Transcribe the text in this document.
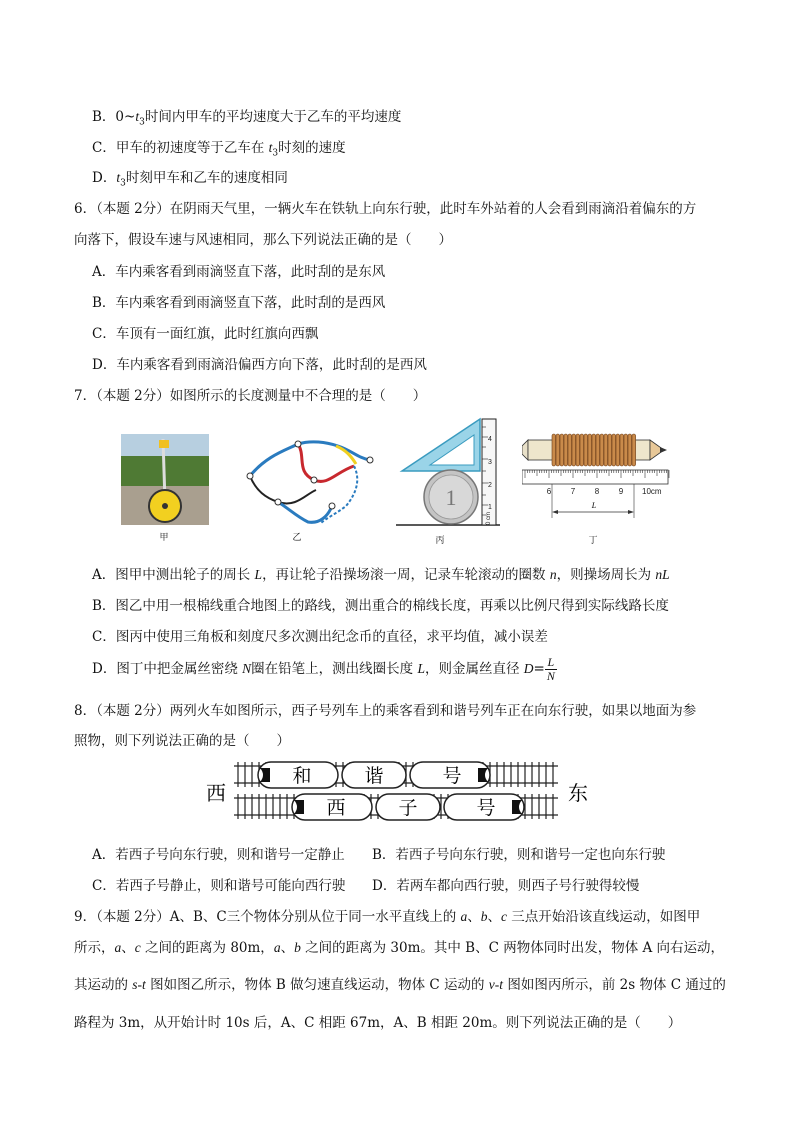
B．$0\sim t_3$时间内甲车的平均速度大于乙车的平均速度
C．甲车的初速度等于乙车在 $t_3$时刻的速度
D．$t_3$时刻甲车和乙车的速度相同
6．（本题 2分）在阴雨天气里，一辆火车在铁轨上向东行驶，此时车外站着的人会看到雨滴沿着偏东的方
向落下，假设车速与风速相同，那么下列说法正确的是（　　）
A．车内乘客看到雨滴竖直下落，此时刮的是东风
B．车内乘客看到雨滴竖直下落，此时刮的是西风
C．车顶有一面红旗，此时红旗向西飘
D．车内乘客看到雨滴沿偏西方向下落，此时刮的是西风
7．（本题 2分）如图所示的长度测量中不合理的是（　　）
甲	乙
1
4
3
2
1
0 cm
丙
6 7 8 9 10cm
L
丁
A．图甲中测出轮子的周长 L，再让轮子沿操场滚一周，记录车轮滚动的圈数 n，则操场周长为 nL
B．图乙中用一根棉线重合地图上的路线，测出重合的棉线长度，再乘以比例尺得到实际线路长度
C．图丙中使用三角板和刻度尺多次测出纪念币的直径，求平均值，减小误差
D．图丁中把金属丝密绕 N圈在铅笔上，测出线圈长度 L，则金属丝直径 $D= \frac{L}{N}$
8．（本题 2分）两列火车如图所示，西子号列车上的乘客看到和谐号列车正在向东行驶，如果以地面为参
照物，则下列说法正确的是（　　）
西	东
和	谐	号
西	子	号
A．若西子号向东行驶，则和谐号一定静止 B．若西子号向东行驶，则和谐号一定也向东行驶
C．若西子号静止，则和谐号可能向西行驶 D．若两车都向西行驶，则西子号行驶得较慢
9．（本题 2分）A、B、C三个物体分别从位于同一水平直线上的 a、b、c 三点开始沿该直线运动，如图甲
所示，a、c 之间的距离为 80m，a、b 之间的距离为 30m。其中 B、C 两物体同时出发，物体 A 向右运动，
其运动的 s-t 图如图乙所示，物体 B 做匀速直线运动，物体 C 运动的 v-t 图如图丙所示，前 2s 物体 C 通过的
路程为 3m，从开始计时 10s 后，A、C 相距 67m，A、B 相距 20m。则下列说法正确的是（　　）
